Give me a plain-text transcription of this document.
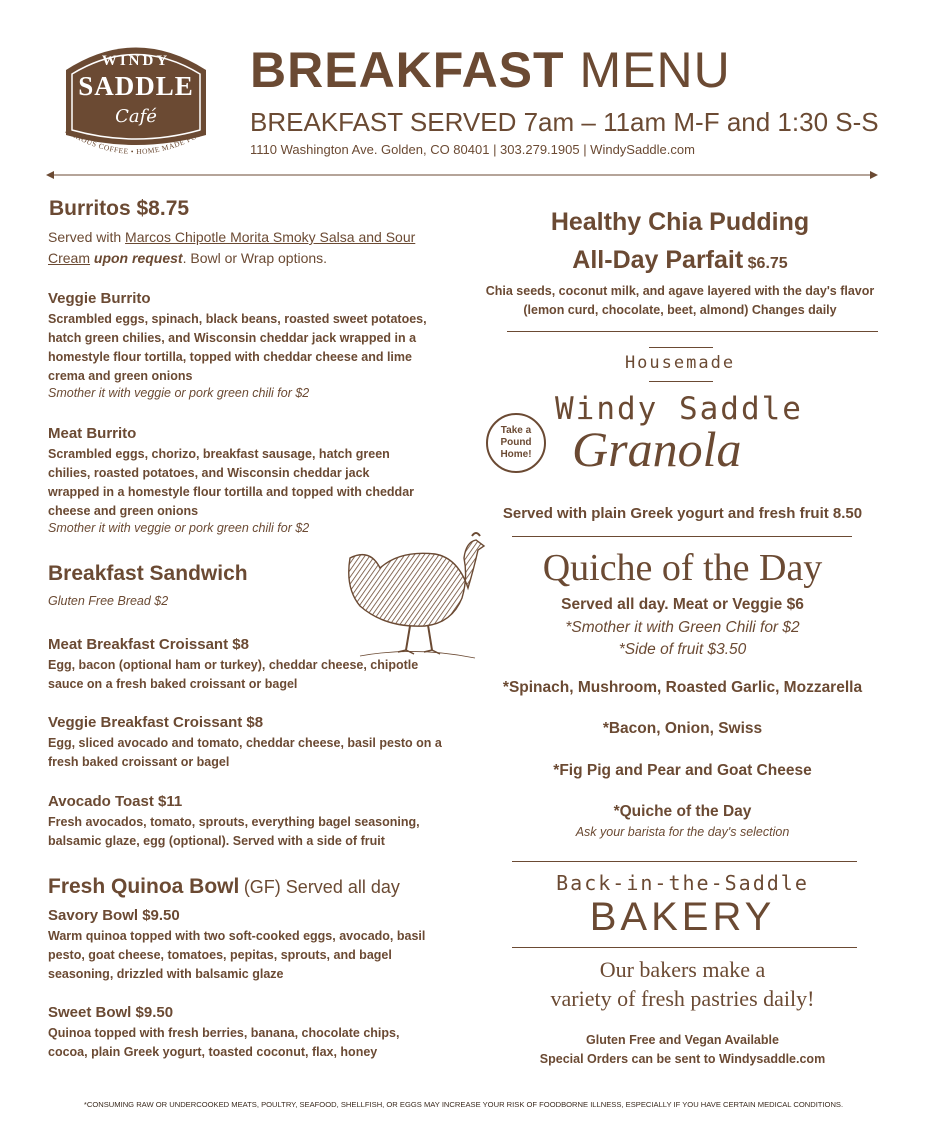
WINDY
SADDLE
Café
SERIOUS COFFEE • HOME MADE FOOD
BREAKFAST MENU
BREAKFAST SERVED 7am – 11am M-F and 1:30 S-S
1110 Washington Ave. Golden, CO 80401 | 303.279.1905 | WindySaddle.com
Burritos $8.75
Served with Marcos Chipotle Morita Smoky Salsa and Sour Cream upon request. Bowl or Wrap options.
Veggie Burrito
Scrambled eggs, spinach, black beans, roasted sweet potatoes, hatch green chilies, and Wisconsin cheddar jack wrapped in a homestyle flour tortilla, topped with cheddar cheese and lime crema and green onions
Smother it with veggie or pork green chili for $2
Meat Burrito
Scrambled eggs, chorizo, breakfast sausage, hatch green chilies, roasted potatoes, and Wisconsin cheddar jack wrapped in a homestyle flour tortilla and topped with cheddar cheese and green onions
Smother it with veggie or pork green chili for $2
Breakfast Sandwich
Gluten Free Bread $2
Meat Breakfast Croissant $8
Egg, bacon (optional ham or turkey), cheddar cheese, chipotle sauce on a fresh baked croissant or bagel
Veggie Breakfast Croissant $8
Egg, sliced avocado and tomato, cheddar cheese, basil pesto on a fresh baked croissant or bagel
Avocado Toast $11
Fresh avocados, tomato, sprouts, everything bagel seasoning, balsamic glaze, egg (optional). Served with a side of fruit
Fresh Quinoa Bowl (GF) Served all day
Savory Bowl $9.50
Warm quinoa topped with two soft-cooked eggs, avocado, basil pesto, goat cheese, tomatoes, pepitas, sprouts, and bagel seasoning, drizzled with balsamic glaze
Sweet Bowl $9.50
Quinoa topped with fresh berries, banana, chocolate chips, cocoa, plain Greek yogurt, toasted coconut, flax, honey
Healthy Chia Pudding
All-Day Parfait $6.75
Chia seeds, coconut milk, and agave layered with the day's flavor (lemon curd, chocolate, beet, almond) Changes daily
Housemade
Windy Saddle
Granola
Take a
Pound
Home!
Served with plain Greek yogurt and fresh fruit 8.50
Quiche of the Day
Served all day. Meat or Veggie $6
*Smother it with Green Chili for $2
*Side of fruit $3.50
*Spinach, Mushroom, Roasted Garlic, Mozzarella
*Bacon, Onion, Swiss
*Fig Pig and Pear and Goat Cheese
*Quiche of the Day
Ask your barista for the day's selection
Back-in-the-Saddle
BAKERY
Our bakers make a
variety of fresh pastries daily!
Gluten Free and Vegan Available
Special Orders can be sent to Windysaddle.com
*CONSUMING RAW OR UNDERCOOKED MEATS, POULTRY, SEAFOOD, SHELLFISH, OR EGGS MAY INCREASE YOUR RISK OF FOODBORNE ILLNESS, ESPECIALLY IF YOU HAVE CERTAIN MEDICAL CONDITIONS.
